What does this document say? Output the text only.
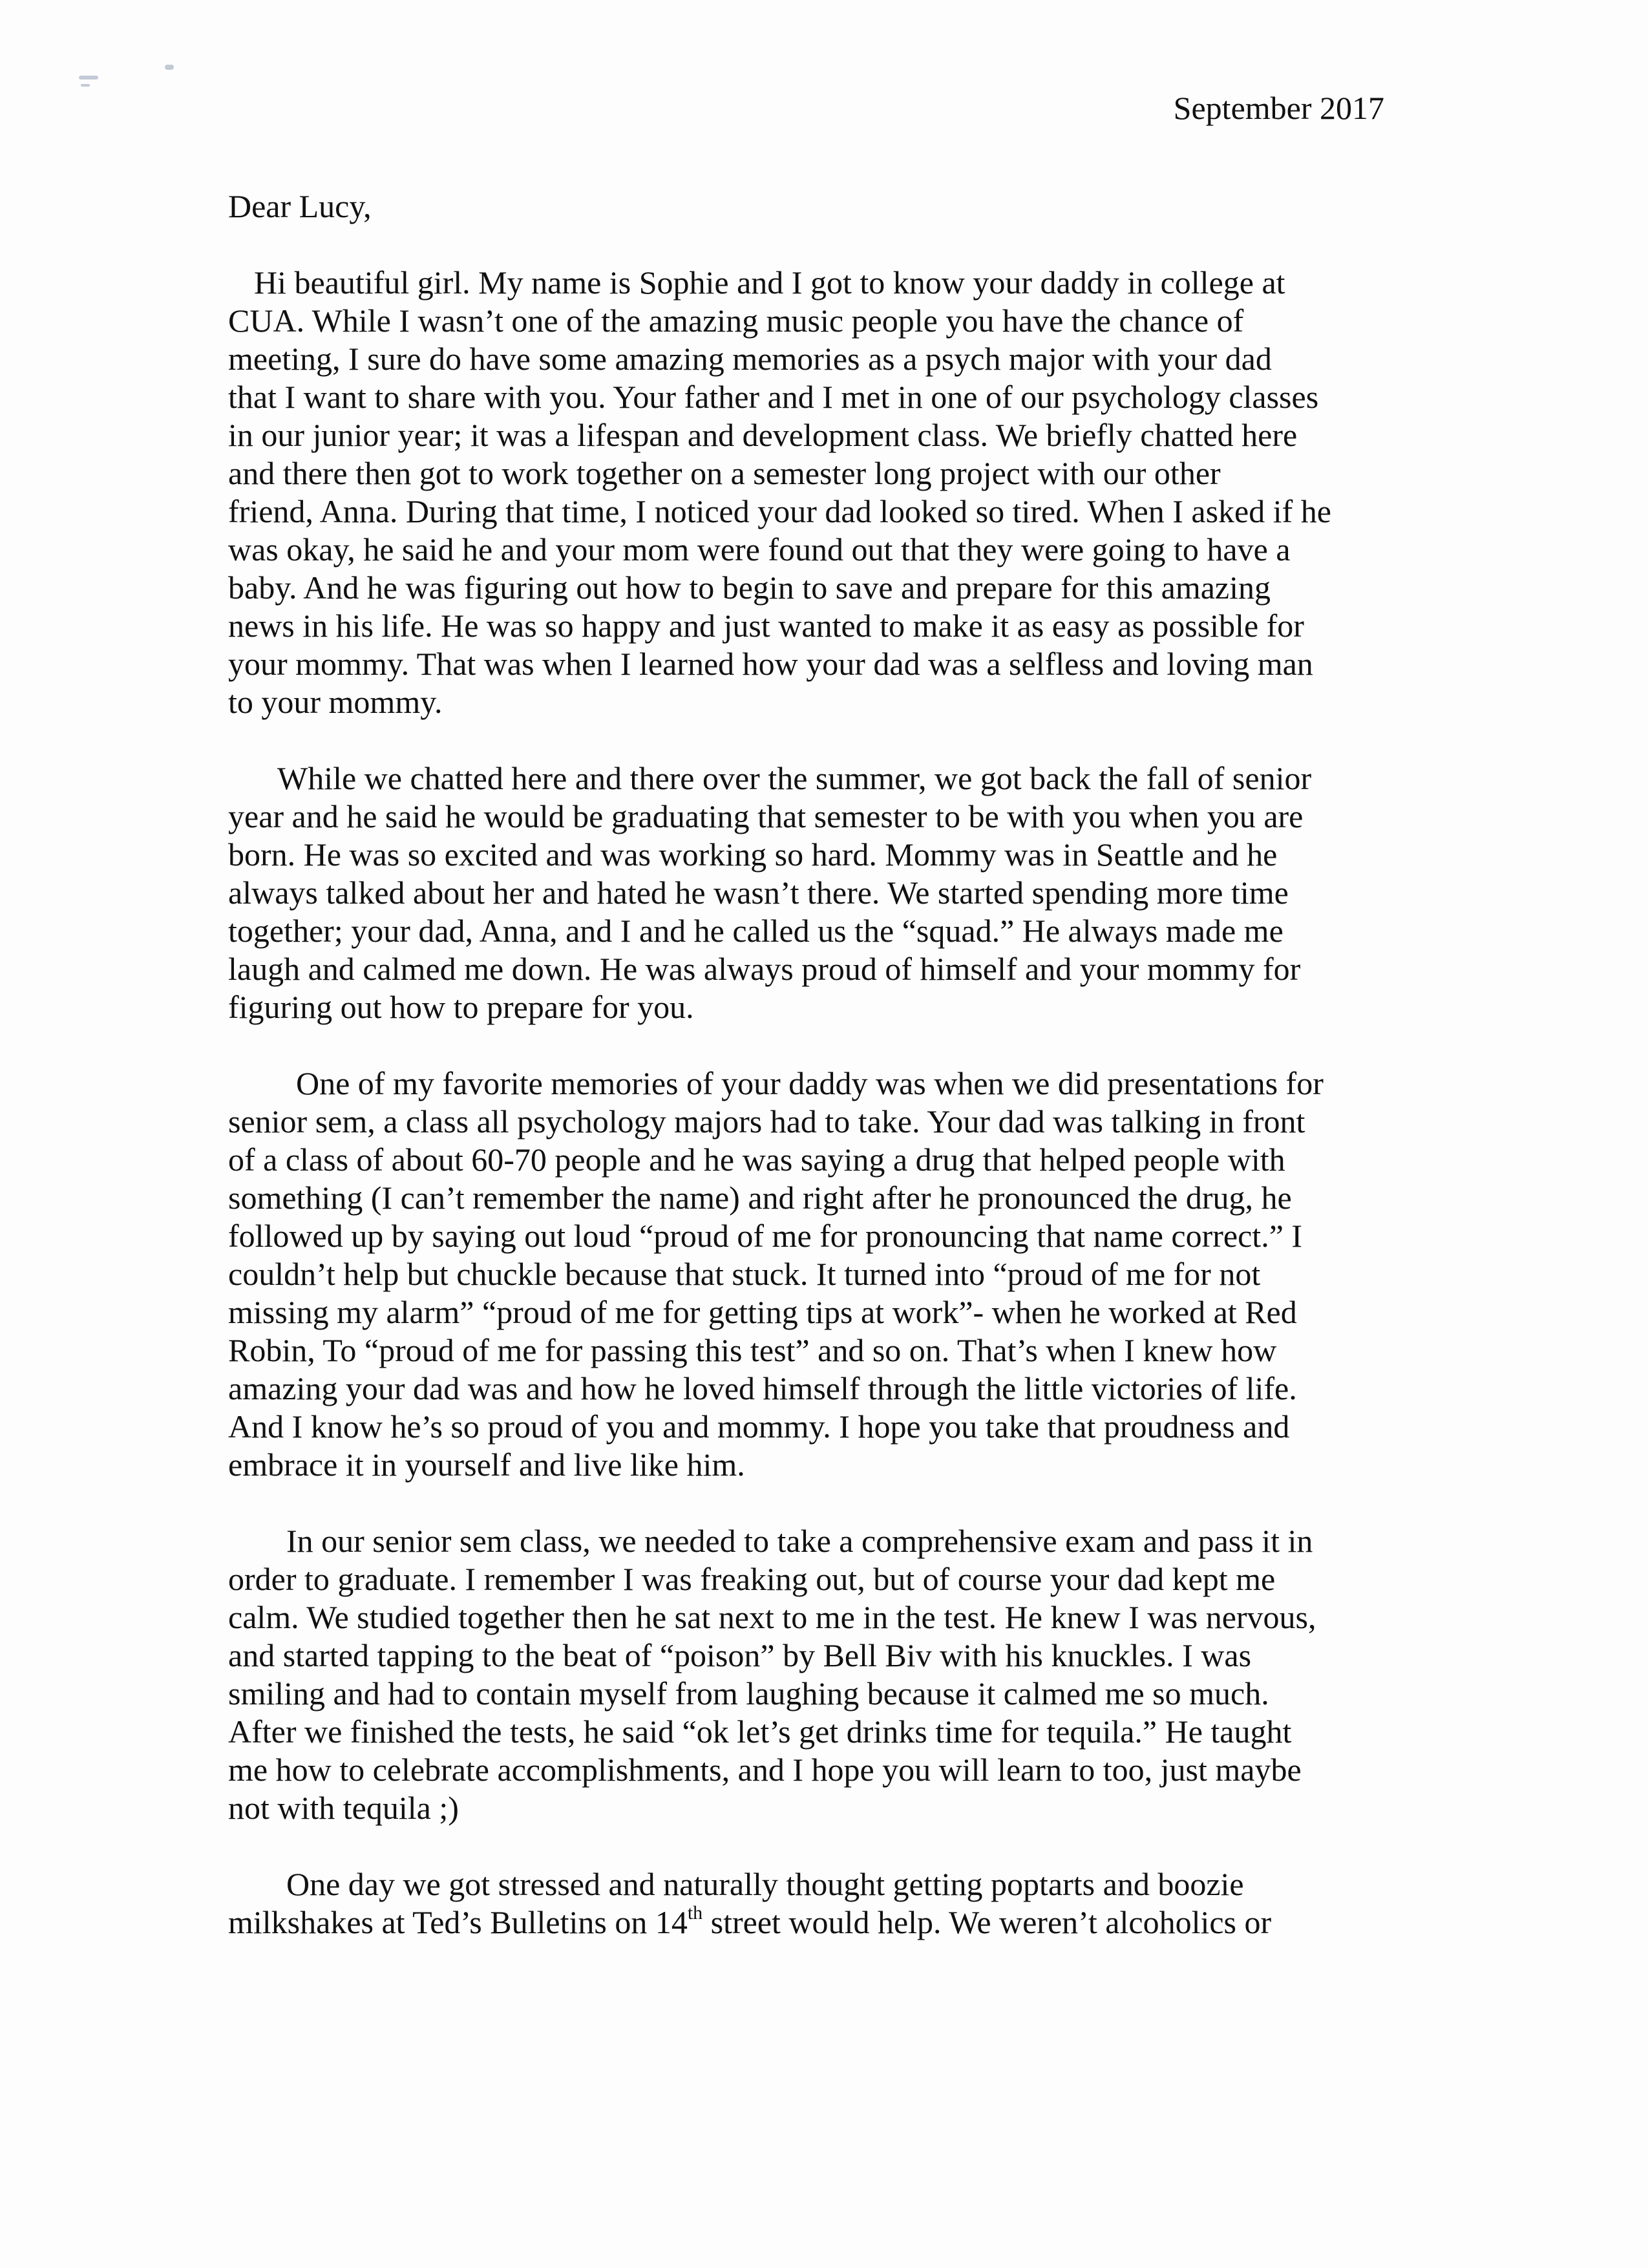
September 2017
Dear Lucy,
Hi beautiful girl. My name is Sophie and I got to know your daddy in college at
CUA. While I wasn’t one of the amazing music people you have the chance of
meeting, I sure do have some amazing memories as a psych major with your dad
that I want to share with you. Your father and I met in one of our psychology classes
in our junior year; it was a lifespan and development class. We briefly chatted here
and there then got to work together on a semester long project with our other
friend, Anna. During that time, I noticed your dad looked so tired. When I asked if he
was okay, he said he and your mom were found out that they were going to have a
baby. And he was figuring out how to begin to save and prepare for this amazing
news in his life. He was so happy and just wanted to make it as easy as possible for
your mommy. That was when I learned how your dad was a selfless and loving man
to your mommy.
While we chatted here and there over the summer, we got back the fall of senior
year and he said he would be graduating that semester to be with you when you are
born. He was so excited and was working so hard. Mommy was in Seattle and he
always talked about her and hated he wasn’t there. We started spending more time
together; your dad, Anna, and I and he called us the “squad.” He always made me
laugh and calmed me down. He was always proud of himself and your mommy for
figuring out how to prepare for you.
One of my favorite memories of your daddy was when we did presentations for
senior sem, a class all psychology majors had to take. Your dad was talking in front
of a class of about 60-70 people and he was saying a drug that helped people with
something (I can’t remember the name) and right after he pronounced the drug, he
followed up by saying out loud “proud of me for pronouncing that name correct.” I
couldn’t help but chuckle because that stuck. It turned into “proud of me for not
missing my alarm” “proud of me for getting tips at work”- when he worked at Red
Robin, To “proud of me for passing this test” and so on. That’s when I knew how
amazing your dad was and how he loved himself through the little victories of life.
And I know he’s so proud of you and mommy. I hope you take that proudness and
embrace it in yourself and live like him.
In our senior sem class, we needed to take a comprehensive exam and pass it in
order to graduate. I remember I was freaking out, but of course your dad kept me
calm. We studied together then he sat next to me in the test. He knew I was nervous,
and started tapping to the beat of “poison” by Bell Biv with his knuckles. I was
smiling and had to contain myself from laughing because it calmed me so much.
After we finished the tests, he said “ok let’s get drinks time for tequila.” He taught
me how to celebrate accomplishments, and I hope you will learn to too, just maybe
not with tequila ;)
One day we got stressed and naturally thought getting poptarts and boozie
milkshakes at Ted’s Bulletins on 14th street would help. We weren’t alcoholics or
